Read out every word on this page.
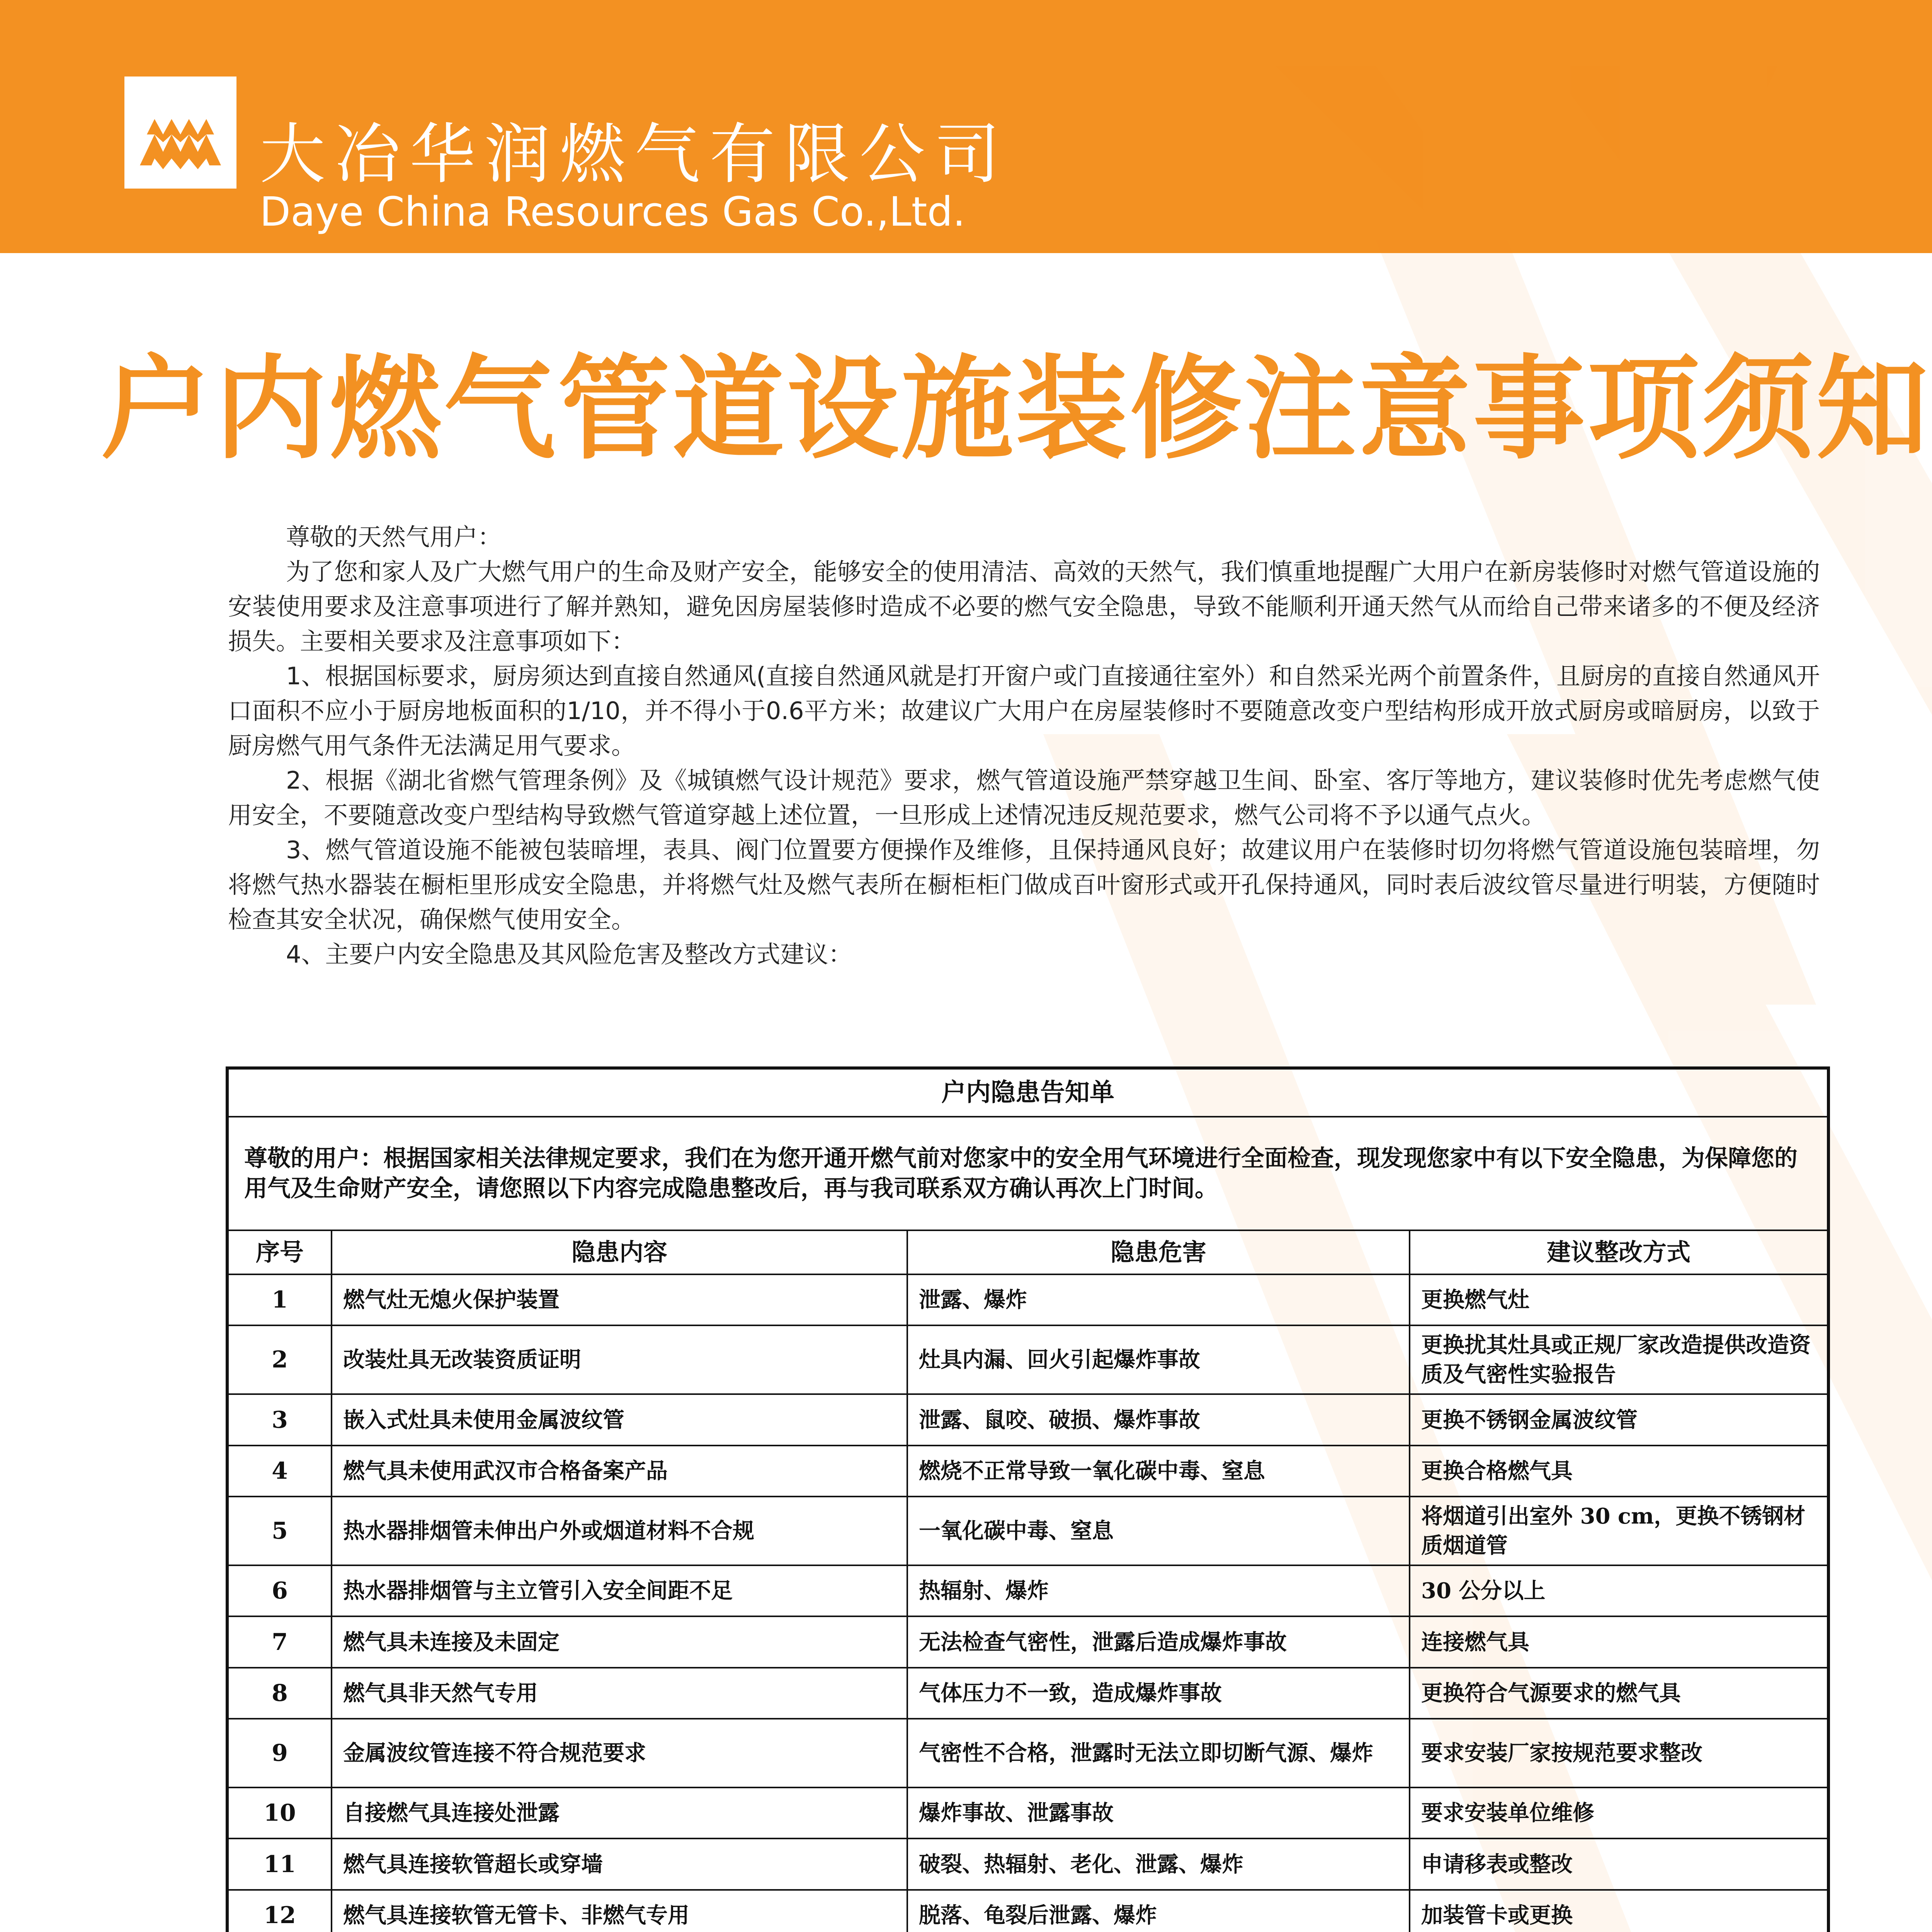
大冶华润燃气有限公司
Daye China Resources Gas Co.,Ltd.
户内燃气管道设施装修注意事项须知

尊敬的天然气用户：

为了您和家人及广大燃气用户的生命及财产安全，能够安全的使用清洁、高效的天然气，我们慎重地提醒广大用户在新房装修时对燃气管道设施的安装使用要求及注意事项进行了解并熟知，避免因房屋装修时造成不必要的燃气安全隐患，导致不能顺利开通天然气从而给自己带来诸多的不便及经济损失。主要相关要求及注意事项如下：

1、根据国标要求，厨房须达到直接自然通风(直接自然通风就是打开窗户或门直接通往室外）和自然采光两个前置条件，且厨房的直接自然通风开口面积不应小于厨房地板面积的1/10，并不得小于0.6平方米；故建议广大用户在房屋装修时不要随意改变户型结构形成开放式厨房或暗厨房，以致于厨房燃气用气条件无法满足用气要求。

2、根据《湖北省燃气管理条例》及《城镇燃气设计规范》要求，燃气管道设施严禁穿越卫生间、卧室、客厅等地方，建议装修时优先考虑燃气使用安全，不要随意改变户型结构导致燃气管道穿越上述位置，一旦形成上述情况违反规范要求，燃气公司将不予以通气点火。

3、燃气管道设施不能被包装暗埋，表具、阀门位置要方便操作及维修，且保持通风良好；故建议用户在装修时切勿将燃气管道设施包装暗埋，勿将燃气热水器装在橱柜里形成安全隐患，并将燃气灶及燃气表所在橱柜柜门做成百叶窗形式或开孔保持通风，同时表后波纹管尽量进行明装，方便随时检查其安全状况，确保燃气使用安全。

4、主要户内安全隐患及其风险危害及整改方式建议：

户内隐患告知单			
尊敬的用户：根据国家相关法律规定要求，我们在为您开通开燃气前对您家中的安全用气环境进行全面检查，现发现您家中有以下安全隐患，为保障您的用气及生命财产安全，请您照以下内容完成隐患整改后，再与我司联系双方确认再次上门时间。			
序号	隐患内容	隐患危害	建议整改方式
1	燃气灶无熄火保护装置	泄露、爆炸	更换燃气灶
2	改装灶具无改装资质证明	灶具内漏、回火引起爆炸事故	更换扰其灶具或正规厂家改造提供改造资质及气密性实验报告
3	嵌入式灶具未使用金属波纹管	泄露、鼠咬、破损、爆炸事故	更换不锈钢金属波纹管
4	燃气具未使用武汉市合格备案产品	燃烧不正常导致一氧化碳中毒、窒息	更换合格燃气具
5	热水器排烟管未伸出户外或烟道材料不合规	一氧化碳中毒、窒息	将烟道引出室外 30 cm，更换不锈钢材质烟道管
6	热水器排烟管与主立管引入安全间距不足	热辐射、爆炸	30 公分以上
7	燃气具未连接及未固定	无法检查气密性，泄露后造成爆炸事故	连接燃气具
8	燃气具非天然气专用	气体压力不一致，造成爆炸事故	更换符合气源要求的燃气具
9	金属波纹管连接不符合规范要求	气密性不合格，泄露时无法立即切断气源、爆炸	要求安装厂家按规范要求整改
10	自接燃气具连接处泄露	爆炸事故、泄露事故	要求安装单位维修
11	燃气具连接软管超长或穿墙	破裂、热辐射、老化、泄露、爆炸	申请移表或整改
12	燃气具连接软管无管卡、非燃气专用	脱落、龟裂后泄露、爆炸	加装管卡或更换
